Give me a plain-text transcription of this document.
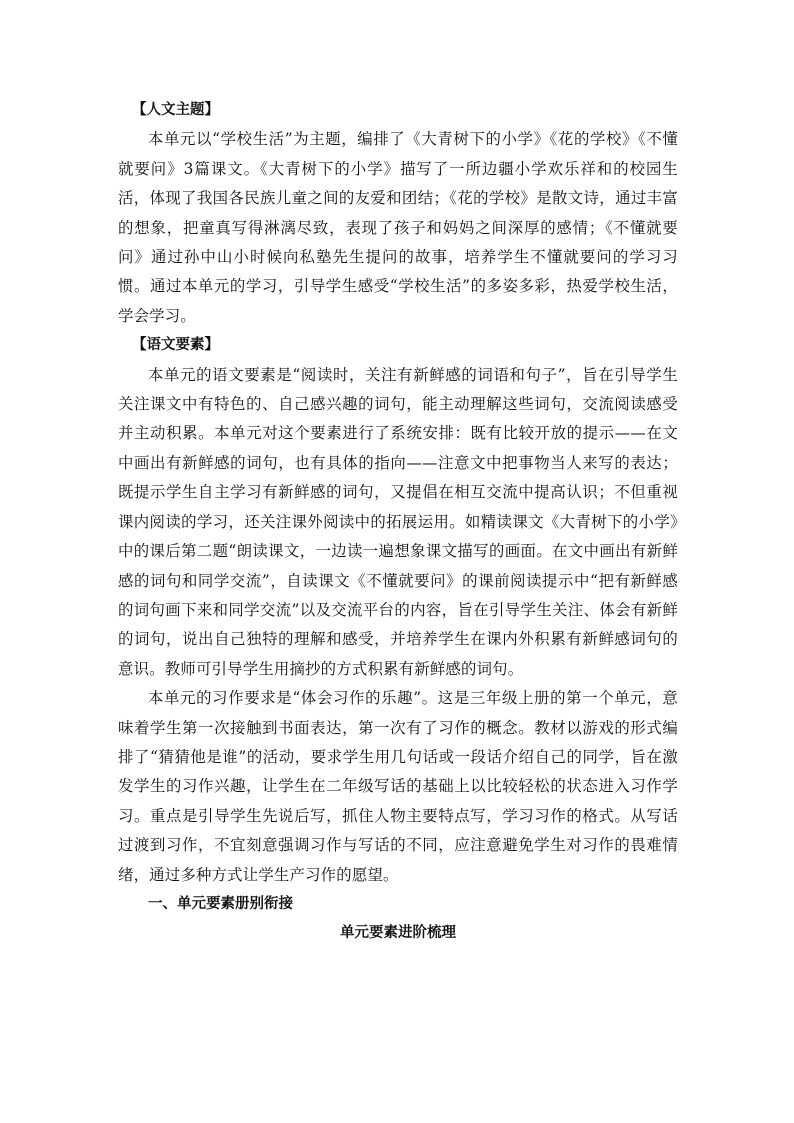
【人文主题】

本单元以“学校生活”为主题，编排了《大青树下的小学》《花的学校》《不懂就要问》3篇课文。《大青树下的小学》描写了一所边疆小学欢乐祥和的校园生活，体现了我国各民族儿童之间的友爱和团结；《花的学校》是散文诗，通过丰富的想象，把童真写得淋漓尽致，表现了孩子和妈妈之间深厚的感情；《不懂就要问》通过孙中山小时候向私塾先生提问的故事，培养学生不懂就要问的学习习惯。通过本单元的学习，引导学生感受“学校生活”的多姿多彩，热爱学校生活，学会学习。

【语文要素】

本单元的语文要素是“阅读时，关注有新鲜感的词语和句子”，旨在引导学生关注课文中有特色的、自己感兴趣的词句，能主动理解这些词句，交流阅读感受并主动积累。本单元对这个要素进行了系统安排：既有比较开放的提示——在文中画出有新鲜感的词句，也有具体的指向——注意文中把事物当人来写的表达；既提示学生自主学习有新鲜感的词句，又提倡在相互交流中提高认识；不但重视课内阅读的学习，还关注课外阅读中的拓展运用。如精读课文《大青树下的小学》中的课后第二题“朗读课文，一边读一遍想象课文描写的画面。在文中画出有新鲜感的词句和同学交流”，自读课文《不懂就要问》的课前阅读提示中“把有新鲜感的词句画下来和同学交流”以及交流平台的内容，旨在引导学生关注、体会有新鲜的词句，说出自己独特的理解和感受，并培养学生在课内外积累有新鲜感词句的意识。教师可引导学生用摘抄的方式积累有新鲜感的词句。

本单元的习作要求是“体会习作的乐趣”。这是三年级上册的第一个单元，意味着学生第一次接触到书面表达，第一次有了习作的概念。教材以游戏的形式编排了“猜猜他是谁”的活动，要求学生用几句话或一段话介绍自己的同学，旨在激发学生的习作兴趣，让学生在二年级写话的基础上以比较轻松的状态进入习作学习。重点是引导学生先说后写，抓住人物主要特点写，学习习作的格式。从写话过渡到习作，不宜刻意强调习作与写话的不同，应注意避免学生对习作的畏难情绪，通过多种方式让学生产习作的愿望。

一、单元要素册别衔接

单元要素进阶梳理
